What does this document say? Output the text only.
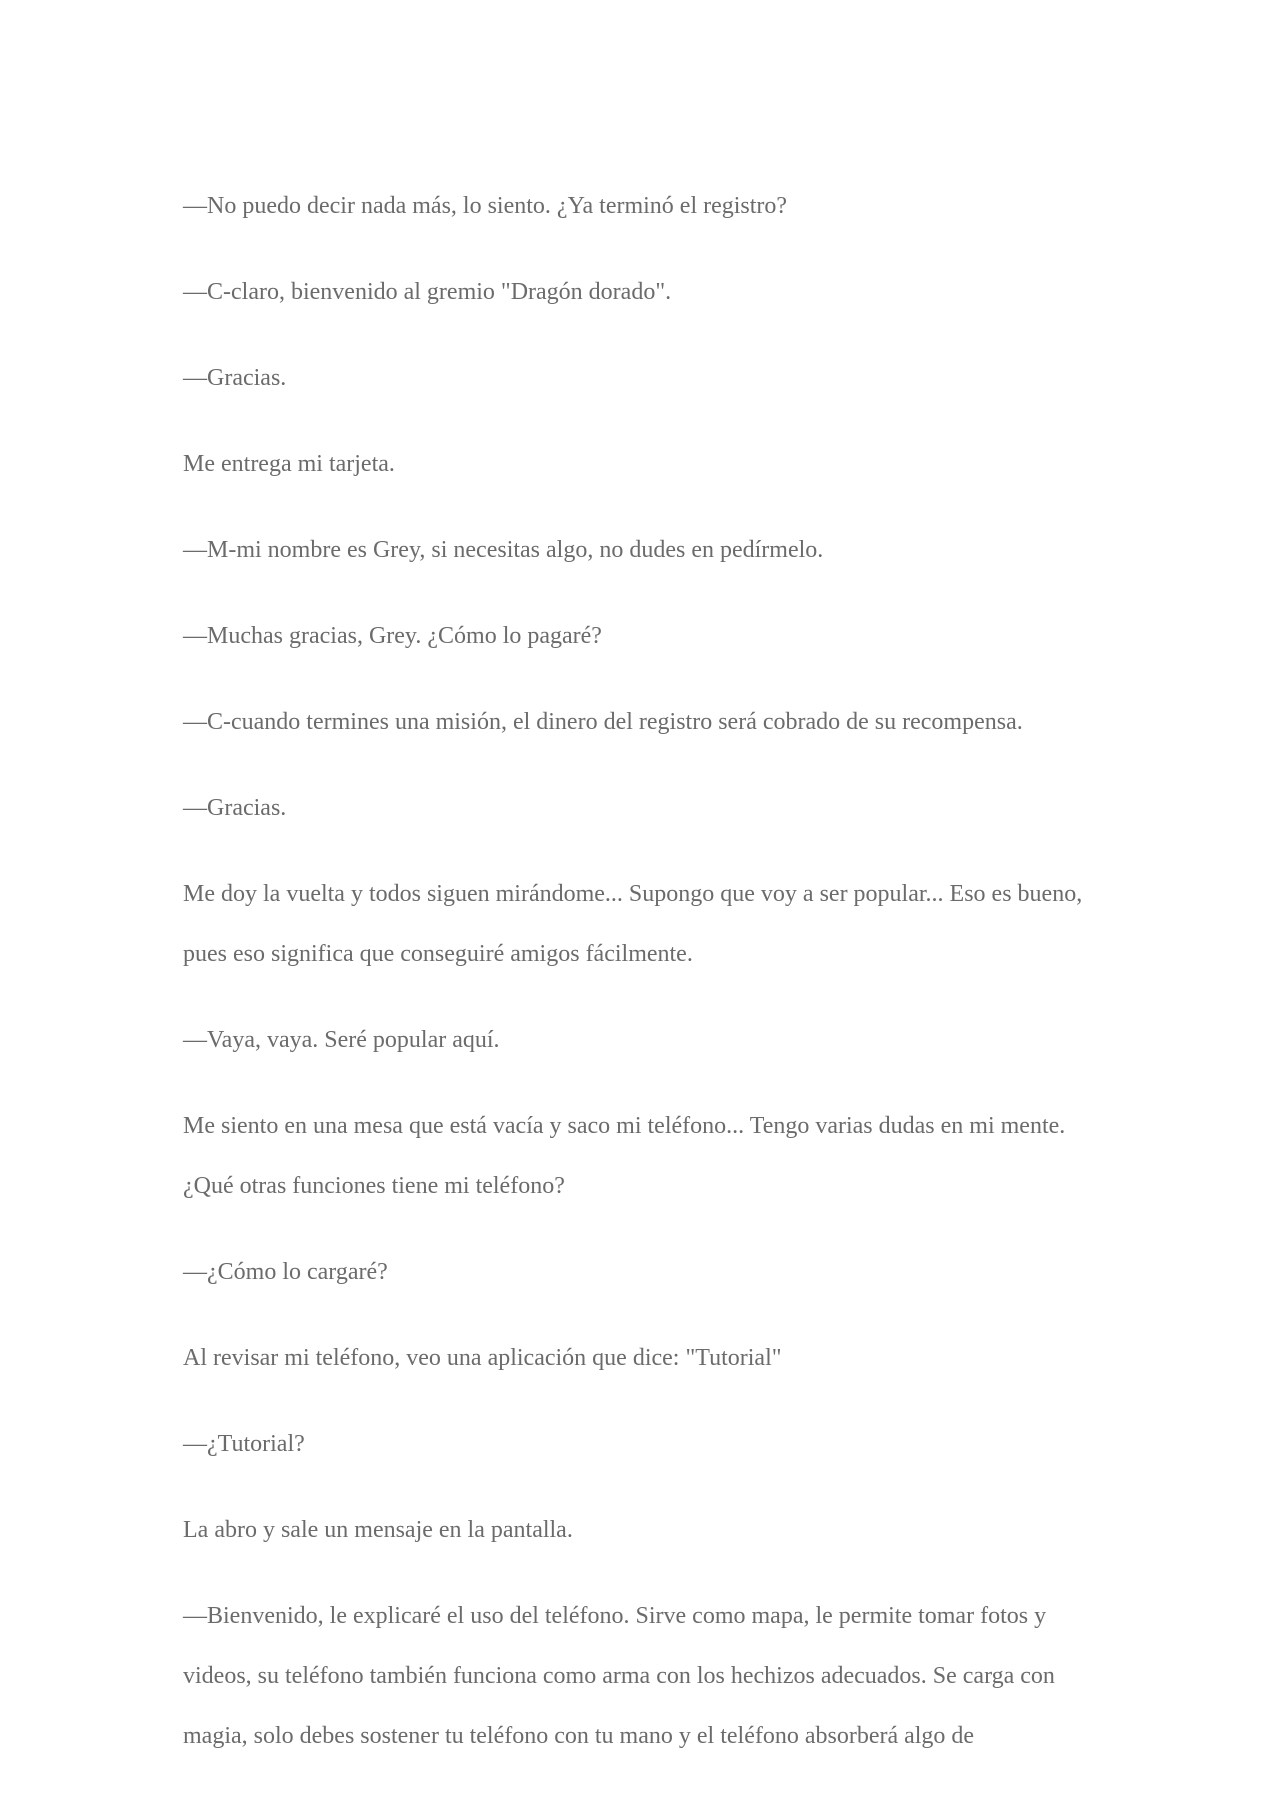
—No puedo decir nada más, lo siento. ¿Ya terminó el registro?

—C-claro, bienvenido al gremio "Dragón dorado".

—Gracias.

Me entrega mi tarjeta.

—M-mi nombre es Grey, si necesitas algo, no dudes en pedírmelo.

—Muchas gracias, Grey. ¿Cómo lo pagaré?

—C-cuando termines una misión, el dinero del registro será cobrado de su recompensa.

—Gracias.

Me doy la vuelta y todos siguen mirándome... Supongo que voy a ser popular... Eso es bueno, pues eso significa que conseguiré amigos fácilmente.

—Vaya, vaya. Seré popular aquí.

Me siento en una mesa que está vacía y saco mi teléfono... Tengo varias dudas en mi mente. ¿Qué otras funciones tiene mi teléfono?

—¿Cómo lo cargaré?

Al revisar mi teléfono, veo una aplicación que dice: "Tutorial"

—¿Tutorial?

La abro y sale un mensaje en la pantalla.

—Bienvenido, le explicaré el uso del teléfono. Sirve como mapa, le permite tomar fotos y videos, su teléfono también funciona como arma con los hechizos adecuados. Se carga con magia, solo debes sostener tu teléfono con tu mano y el teléfono absorberá algo de
